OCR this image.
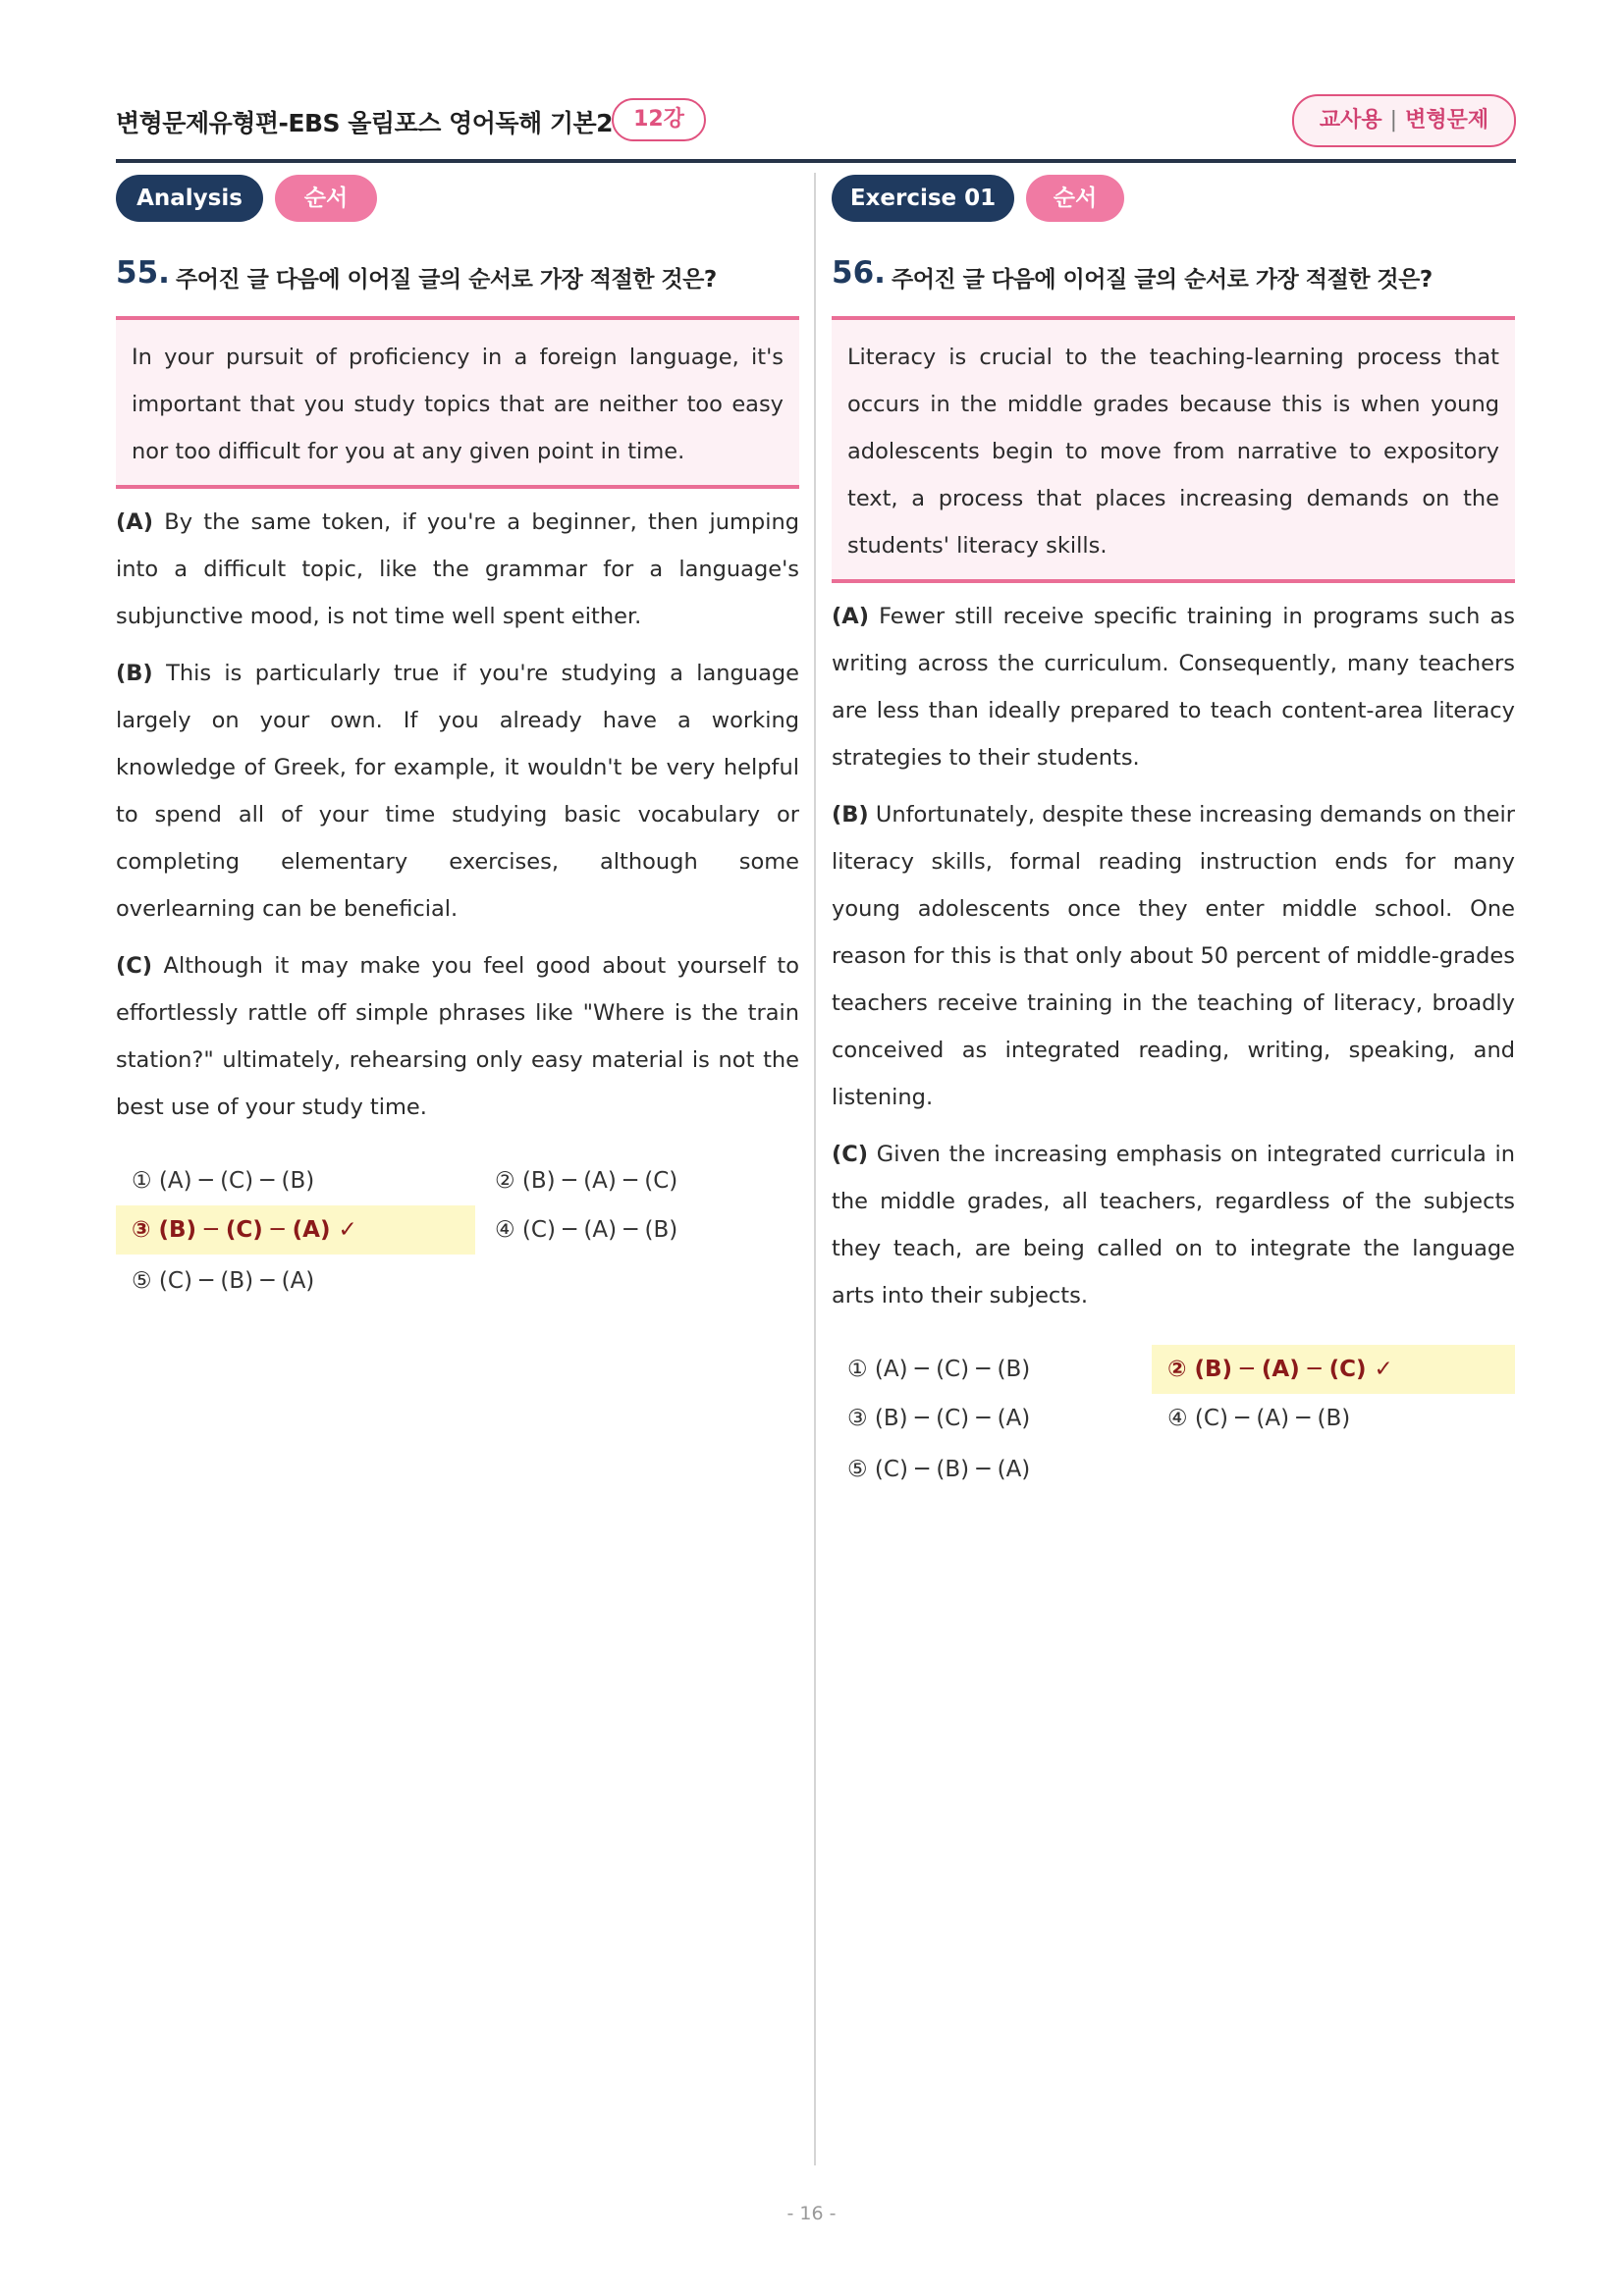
변형문제유형편-EBS 올림포스 영어독해 기본2 12강	교사용 | 변형문제
Analysis	순서
55. 주어진 글 다음에 이어질 글의 순서로 가장 적절한 것은?
In your pursuit of proficiency in a foreign language, it's important that you study topics that are neither too easy nor too difficult for you at any given point in time.
(A) By the same token, if you're a beginner, then jumping into a difficult topic, like the grammar for a language's subjunctive mood, is not time well spent either.
(B) This is particularly true if you're studying a language largely on your own. If you already have a working knowledge of Greek, for example, it wouldn't be very helpful to spend all of your time studying basic vocabulary or completing elementary exercises, although some overlearning can be beneficial.
(C) Although it may make you feel good about yourself to effortlessly rattle off simple phrases like "Where is the train station?" ultimately, rehearsing only easy material is not the best use of your study time.
① (A) ─ (C) ─ (B)	② (B) ─ (A) ─ (C)
③ (B) ─ (C) ─ (A) ✓	④ (C) ─ (A) ─ (B)
⑤ (C) ─ (B) ─ (A)
Exercise 01	순서
56. 주어진 글 다음에 이어질 글의 순서로 가장 적절한 것은?
Literacy is crucial to the teaching-learning process that occurs in the middle grades because this is when young adolescents begin to move from narrative to expository text, a process that places increasing demands on the students' literacy skills.
(A) Fewer still receive specific training in programs such as writing across the curriculum. Consequently, many teachers are less than ideally prepared to teach content-area literacy strategies to their students.
(B) Unfortunately, despite these increasing demands on their literacy skills, formal reading instruction ends for many young adolescents once they enter middle school. One reason for this is that only about 50 percent of middle-grades teachers receive training in the teaching of literacy, broadly conceived as integrated reading, writing, speaking, and listening.
(C) Given the increasing emphasis on integrated curricula in the middle grades, all teachers, regardless of the subjects they teach, are being called on to integrate the language arts into their subjects.
① (A) ─ (C) ─ (B)	② (B) ─ (A) ─ (C) ✓
③ (B) ─ (C) ─ (A)	④ (C) ─ (A) ─ (B)
⑤ (C) ─ (B) ─ (A)
- 16 -
